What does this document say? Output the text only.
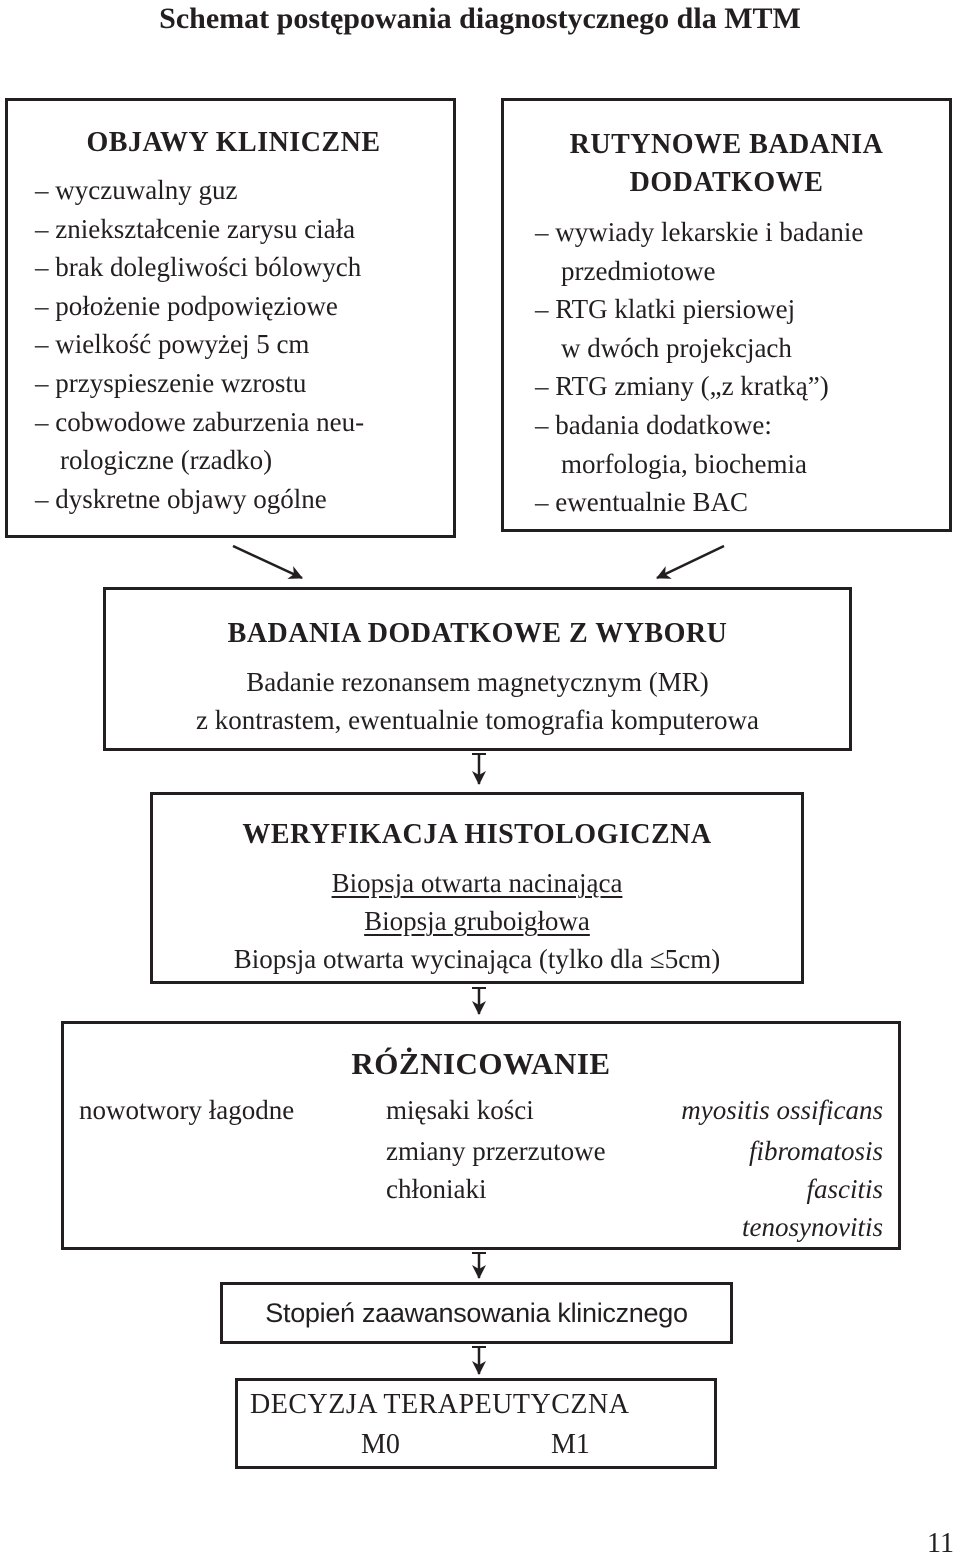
Schemat postępowania diagnostycznego dla MTM
OBJAWY KLINICZNE
– wyczuwalny guz
– zniekształcenie zarysu ciała
– brak dolegliwości bólowych
– położenie podpowięziowe
– wielkość powyżej 5 cm
– przyspieszenie wzrostu
– cobwodowe zaburzenia neu-
rologiczne (rzadko)
– dyskretne objawy ogólne
RUTYNOWE BADANIA
DODATKOWE
– wywiady lekarskie i badanie
przedmiotowe
– RTG klatki piersiowej
w dwóch projekcjach
– RTG zmiany („z kratką”)
– badania dodatkowe:
morfologia, biochemia
– ewentualnie BAC
BADANIA DODATKOWE Z WYBORU
Badanie rezonansem magnetycznym (MR)
z kontrastem, ewentualnie tomografia komputerowa
WERYFIKACJA HISTOLOGICZNA
Biopsja otwarta nacinająca
Biopsja gruboigłowa
Biopsja otwarta wycinająca (tylko dla ≤5cm)
RÓŻNICOWANIE
nowotwory łagodne	mięsaki kości
zmiany przerzutowe
chłoniaki
myositis ossificans
fibromatosis
fascitis
tenosynovitis
Stopień zaawansowania klinicznego
DECYZJA TERAPEUTYCZNA
M0	M1
11
